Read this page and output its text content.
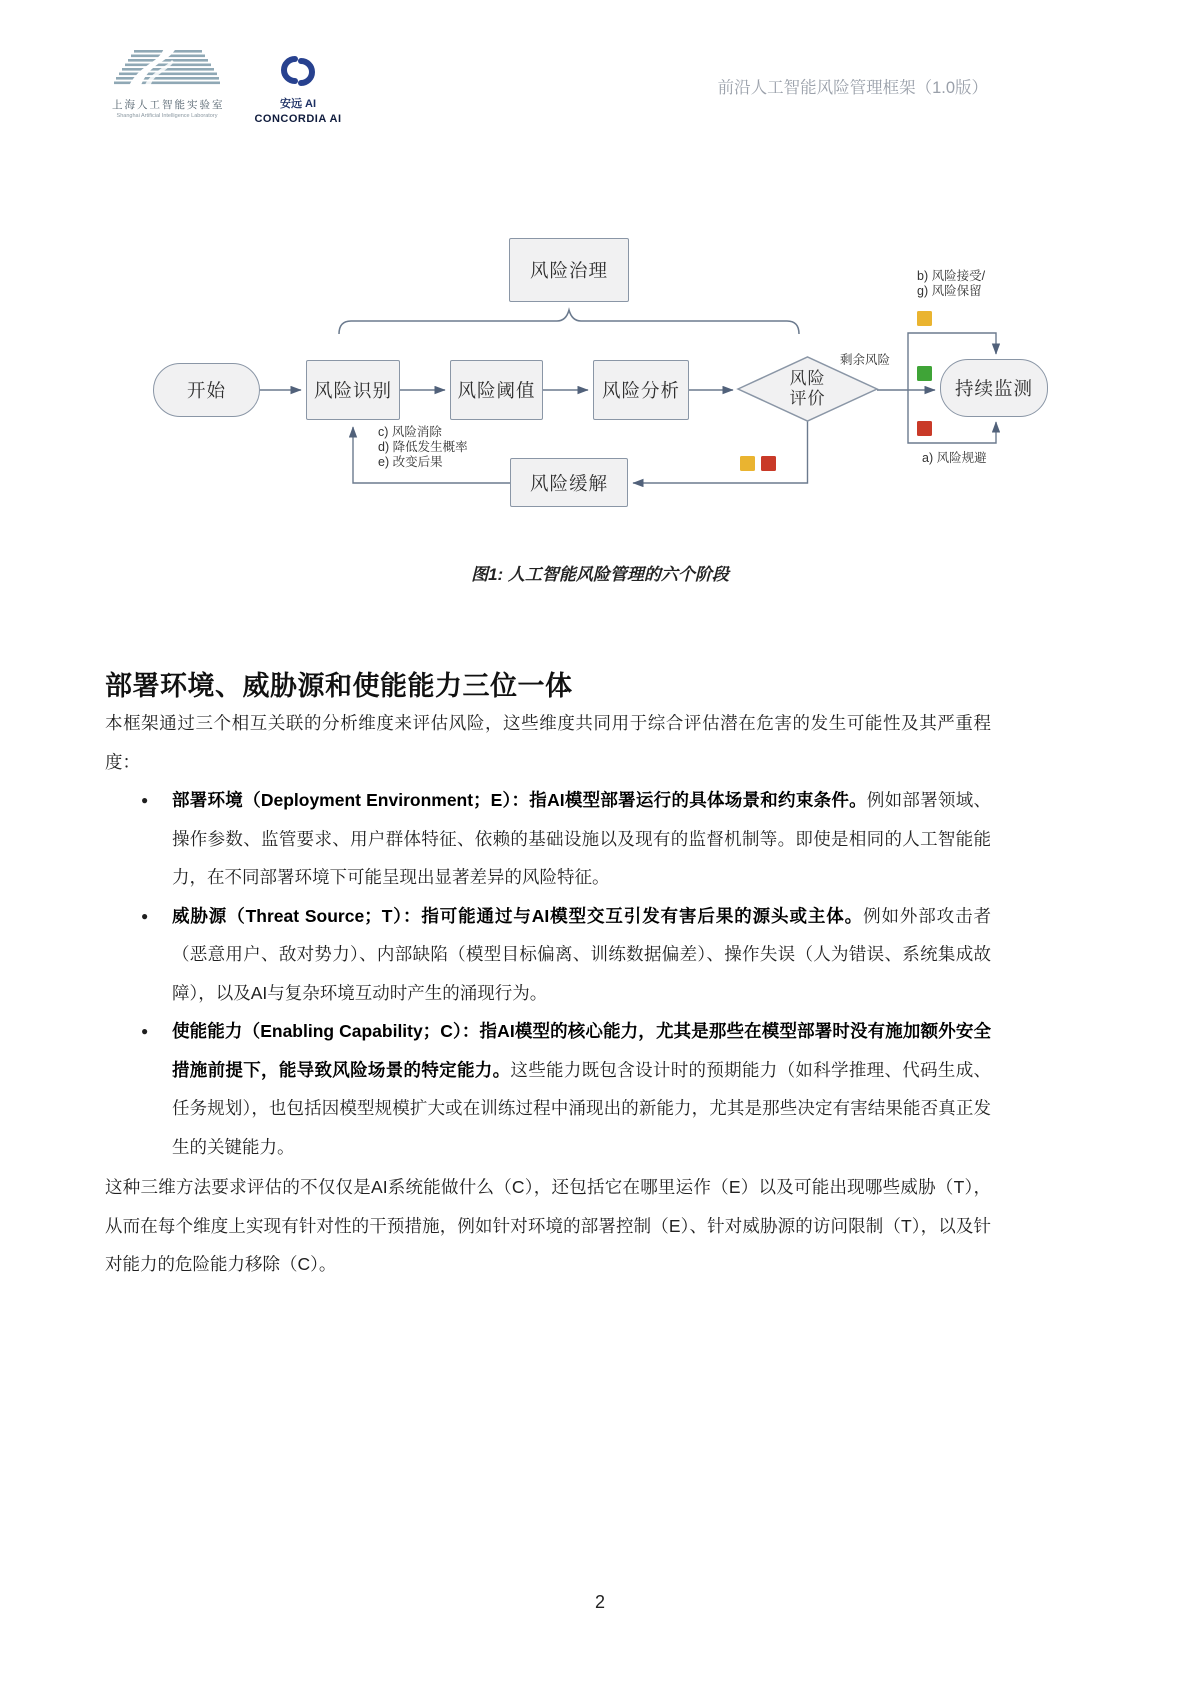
上海人工智能实验室
Shanghai Artificial Intelligence Laboratory
安远 AI
CONCORDIA AI
前沿人工智能风险管理框架（1.0版）
风险治理
开始	风险识别	风险阈值	风险分析
风险
评价	持续监测
风险缓解
剩余风险
b) 风险接受/
g) 风险保留
a) 风险规避
c) 风险消除
d) 降低发生概率
e) 改变后果
图1: 人工智能风险管理的六个阶段
部署环境、威胁源和使能能力三位一体
本框架通过三个相互关联的分析维度来评估风险，这些维度共同用于综合评估潜在危害的发生可能性及其严重程度：
● 部署环境（Deployment Environment；E）：指AI模型部署运行的具体场景和约束条件。例如部署领域、操作参数、监管要求、用户群体特征、依赖的基础设施以及现有的监督机制等。即使是相同的人工智能能力，在不同部署环境下可能呈现出显著差异的风险特征。
● 威胁源（Threat Source；T）：指可能通过与AI模型交互引发有害后果的源头或主体。例如外部攻击者（恶意用户、敌对势力）、内部缺陷（模型目标偏离、训练数据偏差）、操作失误（人为错误、系统集成故障），以及AI与复杂环境互动时产生的涌现行为。
● 使能能力（Enabling Capability；C）：指AI模型的核心能力，尤其是那些在模型部署时没有施加额外安全措施前提下，能导致风险场景的特定能力。这些能力既包含设计时的预期能力（如科学推理、代码生成、任务规划），也包括因模型规模扩大或在训练过程中涌现出的新能力，尤其是那些决定有害结果能否真正发生的关键能力。
这种三维方法要求评估的不仅仅是AI系统能做什么（C），还包括它在哪里运作（E）以及可能出现哪些威胁（T），从而在每个维度上实现有针对性的干预措施，例如针对环境的部署控制（E）、针对威胁源的访问限制（T），以及针对能力的危险能力移除（C）。
2
